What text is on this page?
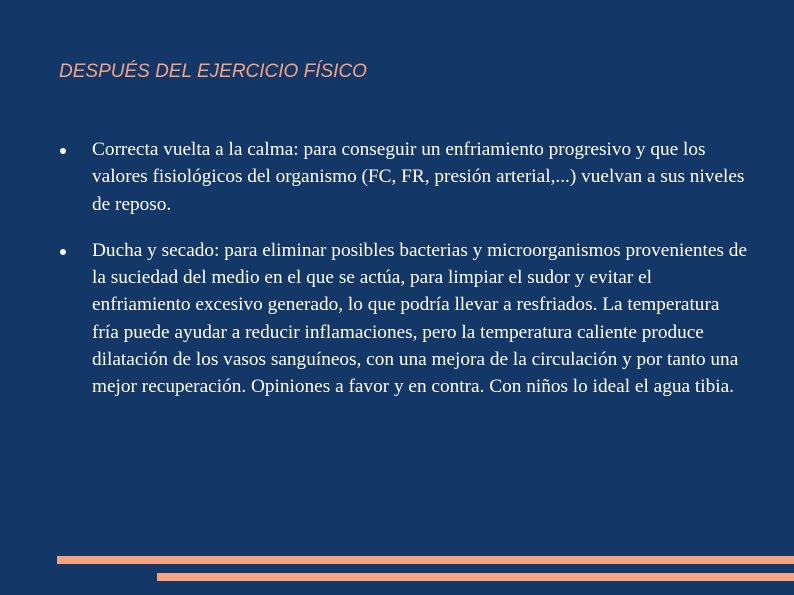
DESPUÉS DEL EJERCICIO FÍSICO
Correcta vuelta a la calma: para conseguir un enfriamiento progresivo y que los valores fisiológicos del organismo (FC, FR, presión arterial,...) vuelvan a sus niveles de reposo.
Ducha y secado: para eliminar posibles bacterias y microorganismos provenientes de la suciedad del medio en el que se actúa, para limpiar el sudor y evitar el enfriamiento excesivo generado, lo que podría llevar a resfriados. La temperatura fría puede ayudar a reducir inflamaciones, pero la temperatura caliente produce dilatación de los vasos sanguíneos, con una mejora de la circulación y por tanto una mejor recuperación. Opiniones a favor y en contra. Con niños lo ideal el agua tibia.
